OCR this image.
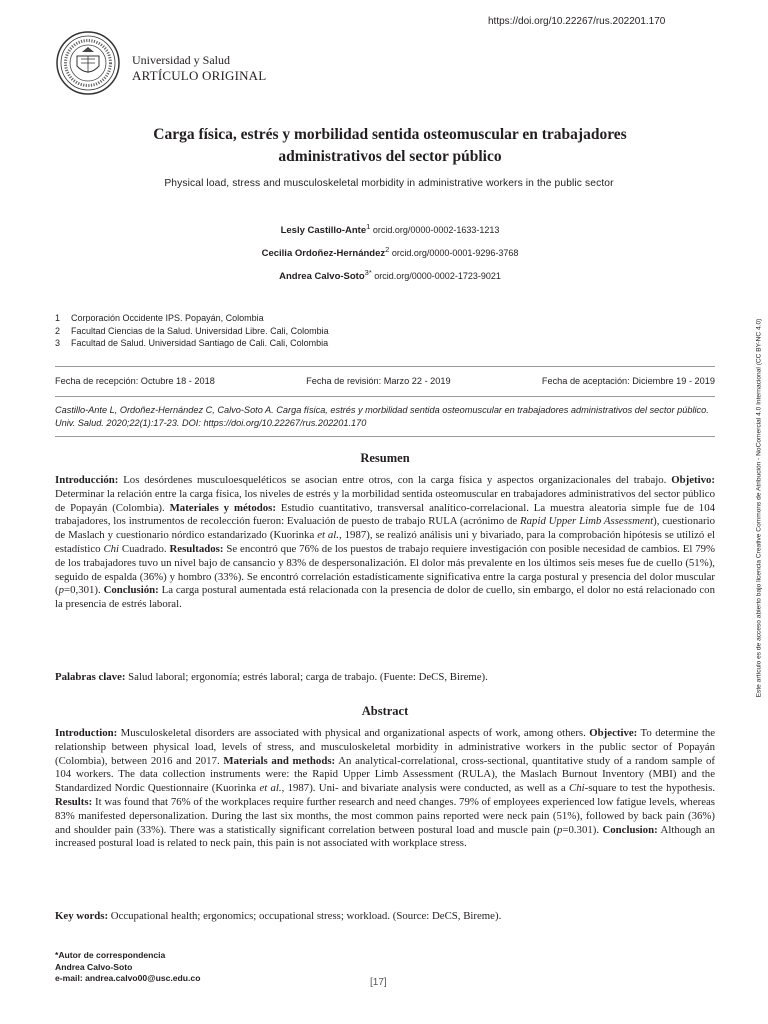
https://doi.org/10.22267/rus.202201.170
Universidad y Salud
ARTÍCULO ORIGINAL
Este artículo es de acceso abierto bajo licencia Creative Commons de Atribución - NoComercial 4.0 Internacional (CC BY-NC 4.0)
Carga física, estrés y morbilidad sentida osteomuscular en trabajadores administrativos del sector público
Physical load, stress and musculoskeletal morbidity in administrative workers in the public sector
Lesly Castillo-Ante$^1$ orcid.org/0000-0002-1633-1213
Cecilia Ordoñez-Hernández$^2$ orcid.org/0000-0001-9296-3768
Andrea Calvo-Soto$^{3*}$ orcid.org/0000-0002-1723-9021
1 Corporación Occidente IPS. Popayán, Colombia
2 Facultad Ciencias de la Salud. Universidad Libre. Cali, Colombia
3 Facultad de Salud. Universidad Santiago de Cali. Cali, Colombia
Fecha de recepción: Octubre 18 - 2018	Fecha de revisión: Marzo 22 - 2019	Fecha de aceptación: Diciembre 19 - 2019
Castillo-Ante L, Ordoñez-Hernández C, Calvo-Soto A. Carga física, estrés y morbilidad sentida osteomuscular en trabajadores administrativos del sector público. Univ. Salud. 2020;22(1):17-23. DOI: https://doi.org/10.22267/rus.202201.170
Resumen
Introducción: Los desórdenes musculoesqueléticos se asocian entre otros, con la carga física y aspectos organizacionales del trabajo. Objetivo: Determinar la relación entre la carga física, los niveles de estrés y la morbilidad sentida osteomuscular en trabajadores administrativos del sector público de Popayán (Colombia). Materiales y métodos: Estudio cuantitativo, transversal analítico-correlacional. La muestra aleatoria simple fue de 104 trabajadores, los instrumentos de recolección fueron: Evaluación de puesto de trabajo RULA (acrónimo de Rapid Upper Limb Assessment), cuestionario de Maslach y cuestionario nórdico estandarizado (Kuorinka et al., 1987), se realizó análisis uni y bivariado, para la comprobación hipótesis se utilizó el estadístico Chi Cuadrado. Resultados: Se encontró que 76% de los puestos de trabajo requiere investigación con posible necesidad de cambios. El 79% de los trabajadores tuvo un nivel bajo de cansancio y 83% de despersonalización. El dolor más prevalente en los últimos seis meses fue de cuello (51%), seguido de espalda (36%) y hombro (33%). Se encontró correlación estadísticamente significativa entre la carga postural y presencia del dolor muscular (p=0,301). Conclusión: La carga postural aumentada está relacionada con la presencia de dolor de cuello, sin embargo, el dolor no está relacionado con la presencia de estrés laboral.
Palabras clave: Salud laboral; ergonomía; estrés laboral; carga de trabajo. (Fuente: DeCS, Bireme).
Abstract
Introduction: Musculoskeletal disorders are associated with physical and organizational aspects of work, among others. Objective: To determine the relationship between physical load, levels of stress, and musculoskeletal morbidity in administrative workers in the public sector of Popayán (Colombia), between 2016 and 2017. Materials and methods: An analytical-correlational, cross-sectional, quantitative study of a random sample of 104 workers. The data collection instruments were: the Rapid Upper Limb Assessment (RULA), the Maslach Burnout Inventory (MBI) and the Standardized Nordic Questionnaire (Kuorinka et al., 1987). Uni- and bivariate analysis were conducted, as well as a Chi-square to test the hypothesis. Results: It was found that 76% of the workplaces require further research and need changes. 79% of employees experienced low fatigue levels, whereas 83% manifested depersonalization. During the last six months, the most common pains reported were neck pain (51%), followed by back pain (36%) and shoulder pain (33%). There was a statistically significant correlation between postural load and muscle pain (p=0.301). Conclusion: Although an increased postural load is related to neck pain, this pain is not associated with workplace stress.
Key words: Occupational health; ergonomics; occupational stress; workload. (Source: DeCS, Bireme).
*Autor de correspondencia
Andrea Calvo-Soto
e-mail: andrea.calvo00@usc.edu.co	[17]
